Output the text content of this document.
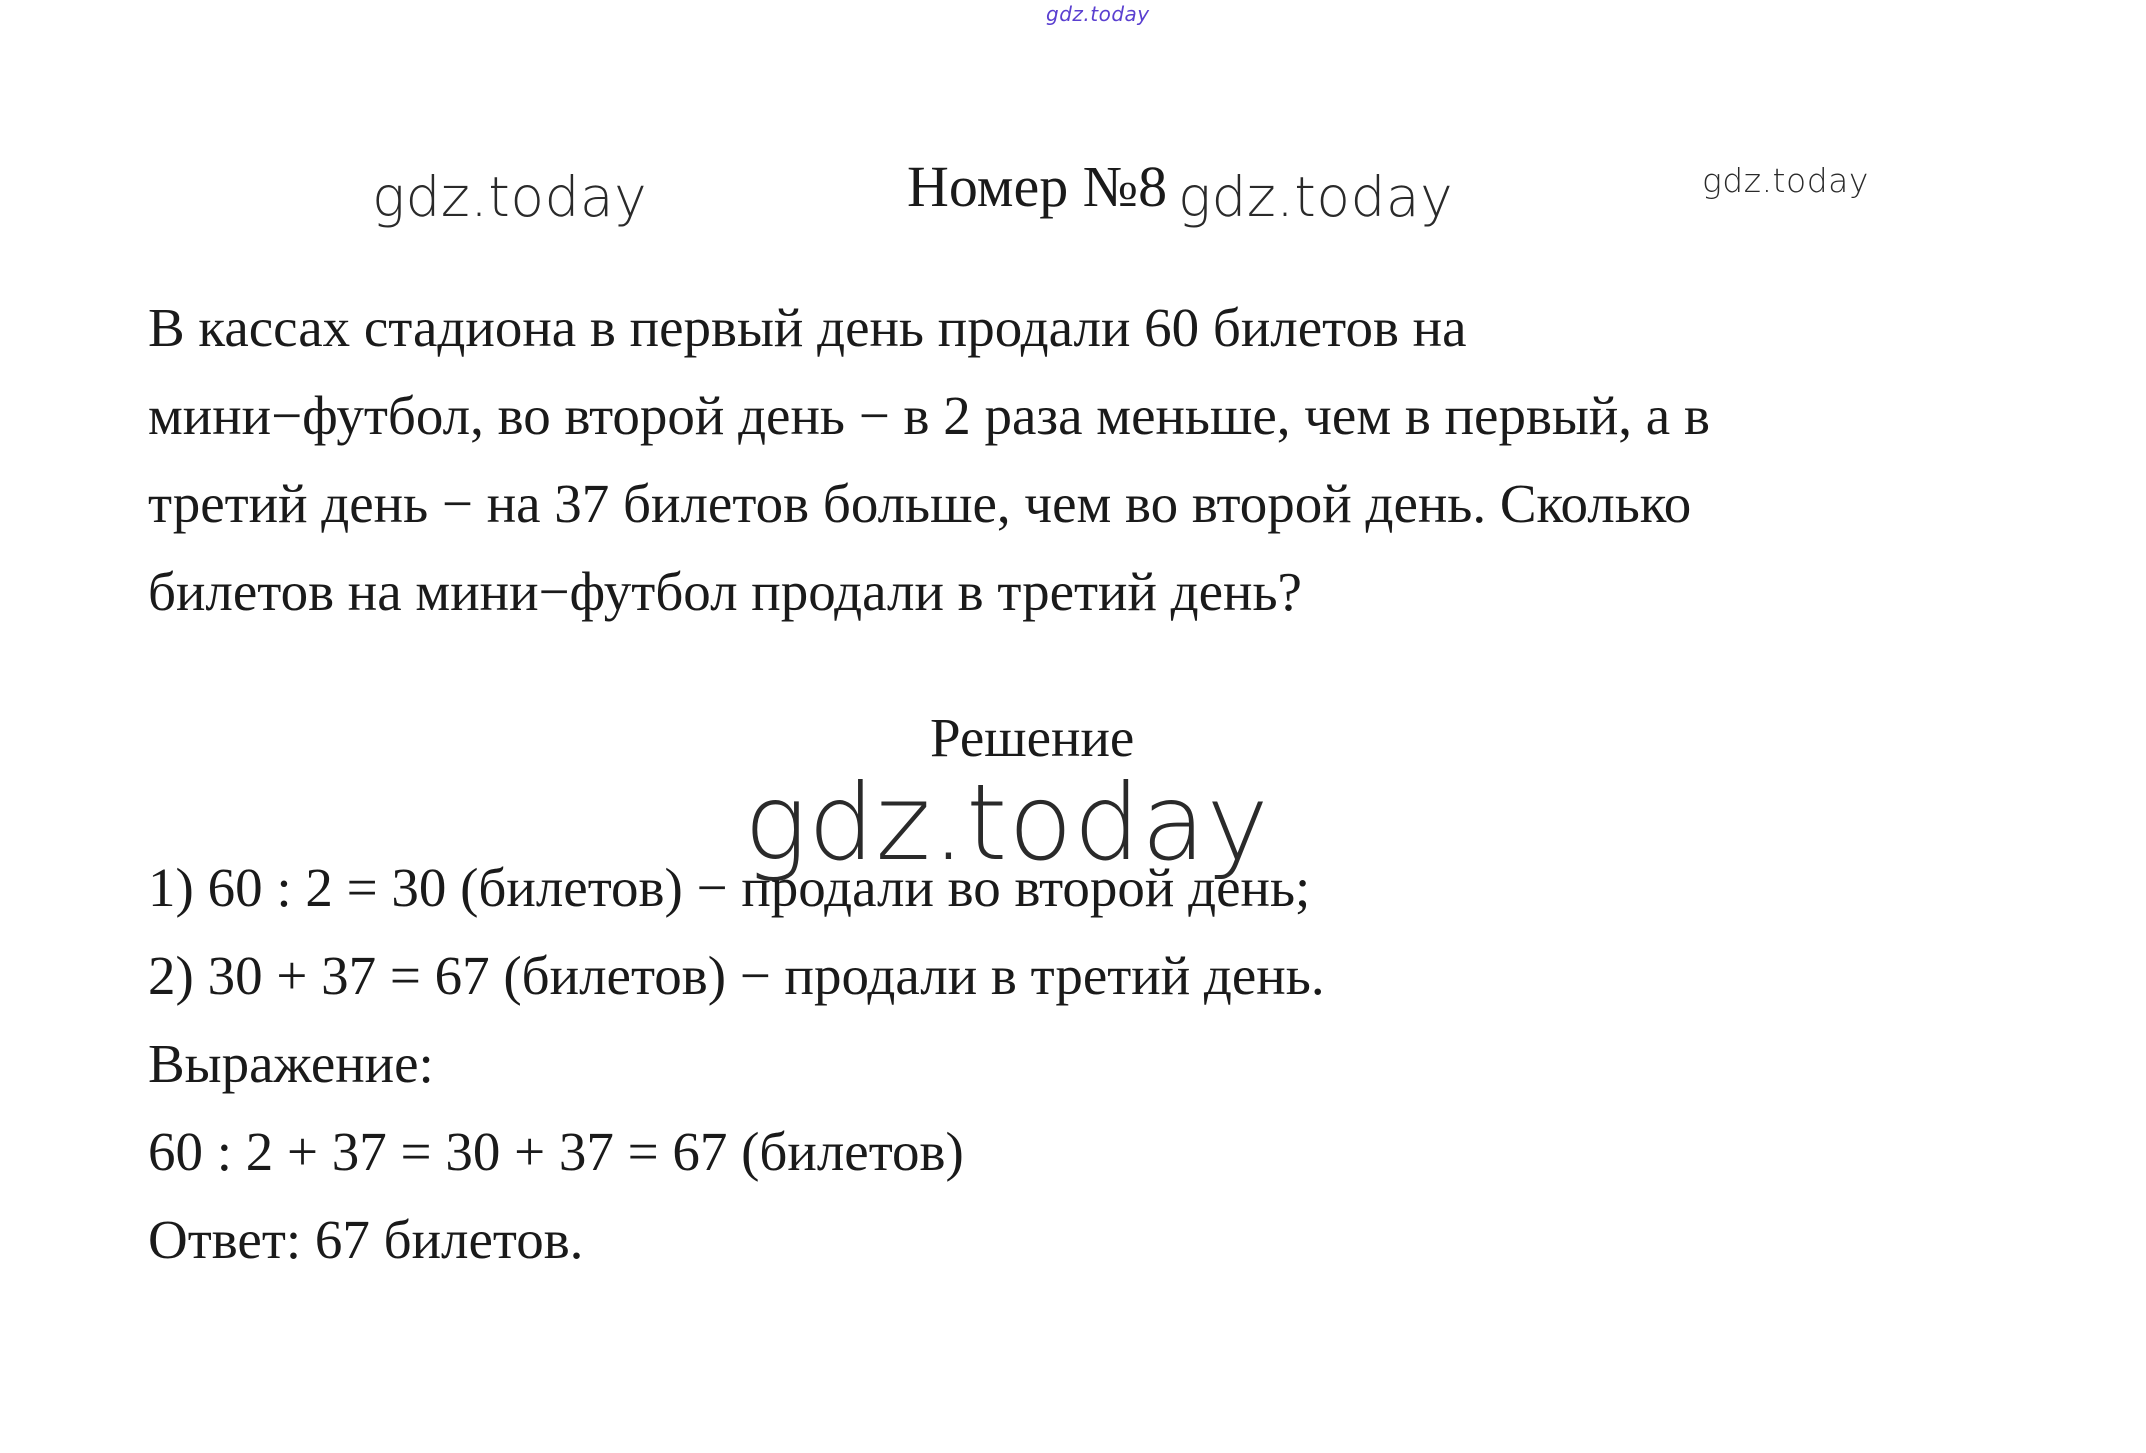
gdz.today
gdz.today	Номер №8 gdz.today	gdz.today
В кассах стадиона в первый день продали 60 билетов на
мини−футбол, во второй день − в 2 раза меньше, чем в первый, а в
третий день − на 37 билетов больше, чем во второй день. Сколько
билетов на мини−футбол продали в третий день?
Решение
gdz.today
1) 60 : 2 = 30 (билетов) − продали во второй день;
2) 30 + 37 = 67 (билетов) − продали в третий день.
Выражение:
60 : 2 + 37 = 30 + 37 = 67 (билетов)
Ответ: 67 билетов.
